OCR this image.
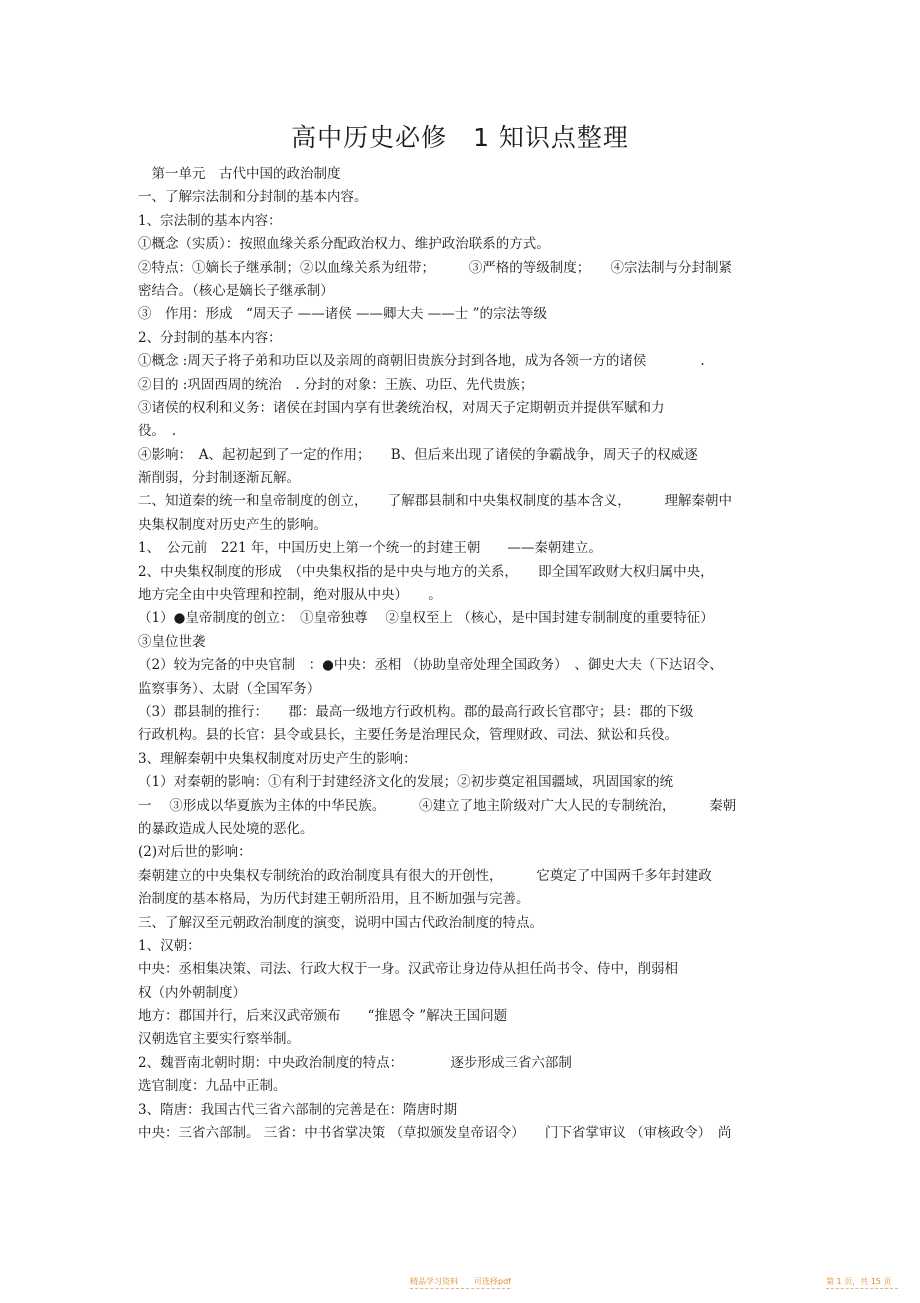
高中历史必修　1 知识点整理
　第一单元　古代中国的政治制度
一、了解宗法制和分封制的基本内容。
1、宗法制的基本内容：
①概念（实质）：按照血缘关系分配政治权力、维护政治联系的方式。
②特点：①嫡长子继承制；②以血缘关系为纽带；　　　③严格的等级制度；　　④宗法制与分封制紧
密结合。（核心是嫡长子继承制）
③　作用：形成　“周天子 ——诸侯 ——卿大夫 ——士 ”的宗法等级
2、分封制的基本内容：
①概念 :周天子将子弟和功臣以及亲周的商朝旧贵族分封到各地，成为各领一方的诸侯　　　　.
②目的 :巩固西周的统治　. 分封的对象：王族、功臣、先代贵族；
③诸侯的权利和义务：诸侯在封国内享有世袭统治权，对周天子定期朝贡并提供军赋和力
役。　.
④影响：　A、起初起到了一定的作用；　　B、但后来出现了诸侯的争霸战争，周天子的权威逐
渐削弱，分封制逐渐瓦解。
二、知道秦的统一和皇帝制度的创立，　　了解郡县制和中央集权制度的基本含义，　　　理解秦朝中
央集权制度对历史产生的影响。
1、　公元前　221 年，中国历史上第一个统一的封建王朝　　——秦朝建立。
2、中央集权制度的形成　（中央集权指的是中央与地方的关系，　　即全国军政财大权归属中央，
地方完全由中央管理和控制，绝对服从中央）　　。
（1）●皇帝制度的创立：　①皇帝独尊　 ②皇权至上 （核心，是中国封建专制制度的重要特征）
③皇位世袭
（2）较为完备的中央官制　：●中央：丞相 （协助皇帝处理全国政务）　、御史大夫（下达诏令、
监察事务）、太尉（全国军务）
（3）郡县制的推行：　　郡：最高一级地方行政机构。郡的最高行政长官郡守；县：郡的下级
行政机构。县的长官：县令或县长，主要任务是治理民众，管理财政、司法、狱讼和兵役。
3、理解秦朝中央集权制度对历史产生的影响：
（1）对秦朝的影响：①有利于封建经济文化的发展；②初步奠定祖国疆域，巩固国家的统
一　 ③形成以华夏族为主体的中华民族。　　　④建立了地主阶级对广大人民的专制统治，　　　秦朝
的暴政造成人民处境的恶化。
(2)对后世的影响：
秦朝建立的中央集权专制统治的政治制度具有很大的开创性，　　　它奠定了中国两千多年封建政
治制度的基本格局，为历代封建王朝所沿用，且不断加强与完善。
三、了解汉至元朝政治制度的演变，说明中国古代政治制度的特点。
1、汉朝：
中央：丞相集决策、司法、行政大权于一身。汉武帝让身边侍从担任尚书令、侍中，削弱相
权（内外朝制度）
地方：郡国并行，后来汉武帝颁布　　“推恩令 ”解决王国问题
汉朝选官主要实行察举制。
2、魏晋南北朝时期：中央政治制度的特点：　　　　逐步形成三省六部制
选官制度：九品中正制。
3、隋唐：我国古代三省六部制的完善是在：隋唐时期
中央：三省六部制。 三省：中书省掌决策 （草拟颁发皇帝诏令）　　门下省掌审议 （审核政令）　尚
精品学习资料　　可选择pdf	第 1 页，共 15 页
